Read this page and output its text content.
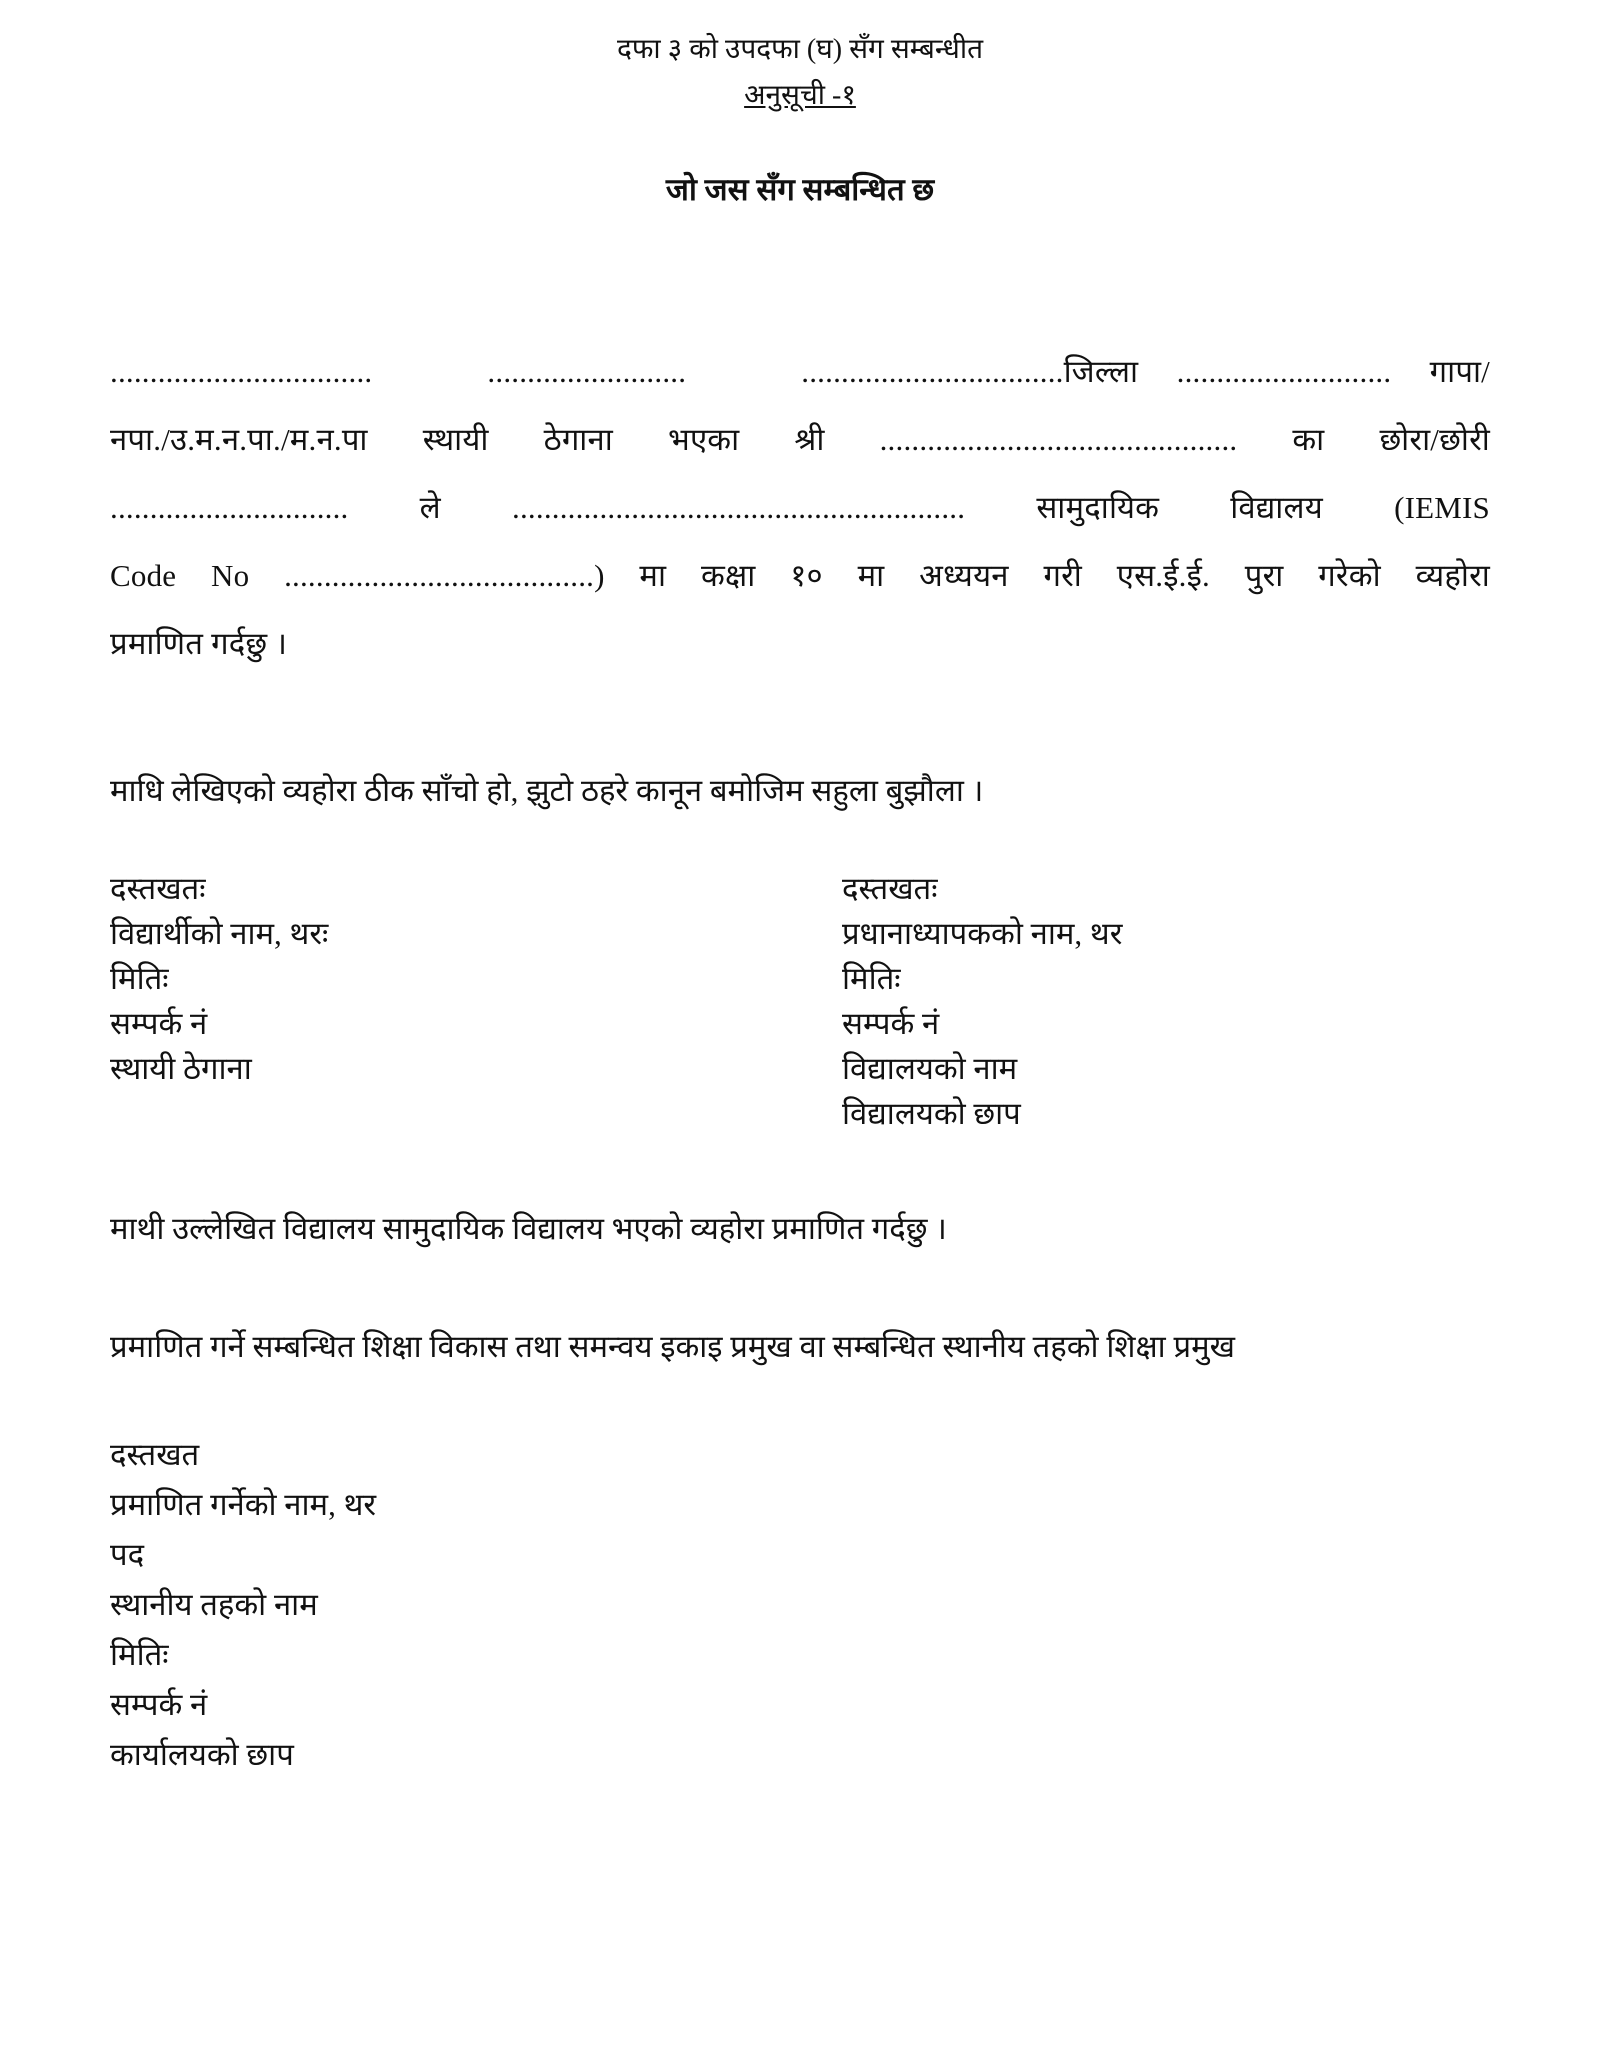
दफा ३ को उपदफा (घ) सँग सम्बन्धीत
अनुसूची -१
जो जस सँग सम्बन्धित छ
.................................   .........................   .................................जिल्ला ........................... गापा/
नपा./उ.म.न.पा./म.न.पा स्थायी ठेगाना भएका श्री ............................................. का छोरा/छोरी
.............................. ले ......................................................... सामुदायिक विद्यालय (IEMIS
Code No .......................................) मा कक्षा १० मा अध्ययन गरी एस.ई.ई. पुरा गरेको व्यहोरा
प्रमाणित गर्दछु ।
माधि लेखिएको व्यहोरा ठीक साँचो हो, झुटो ठहरे कानून बमोजिम सहुला बुझौला ।
दस्तखतः
विद्यार्थीको नाम, थरः
मितिः
सम्पर्क नं
स्थायी ठेगाना
दस्तखतः
प्रधानाध्यापकको नाम, थर
मितिः
सम्पर्क नं
विद्यालयको नाम
विद्यालयको छाप
माथी उल्लेखित विद्यालय सामुदायिक विद्यालय भएको व्यहोरा प्रमाणित गर्दछु ।
प्रमाणित गर्ने सम्बन्धित शिक्षा विकास तथा समन्वय इकाइ प्रमुख वा सम्बन्धित स्थानीय तहको शिक्षा प्रमुख
दस्तखत
प्रमाणित गर्नेको नाम, थर
पद
स्थानीय तहको नाम
मितिः
सम्पर्क नं
कार्यालयको छाप
